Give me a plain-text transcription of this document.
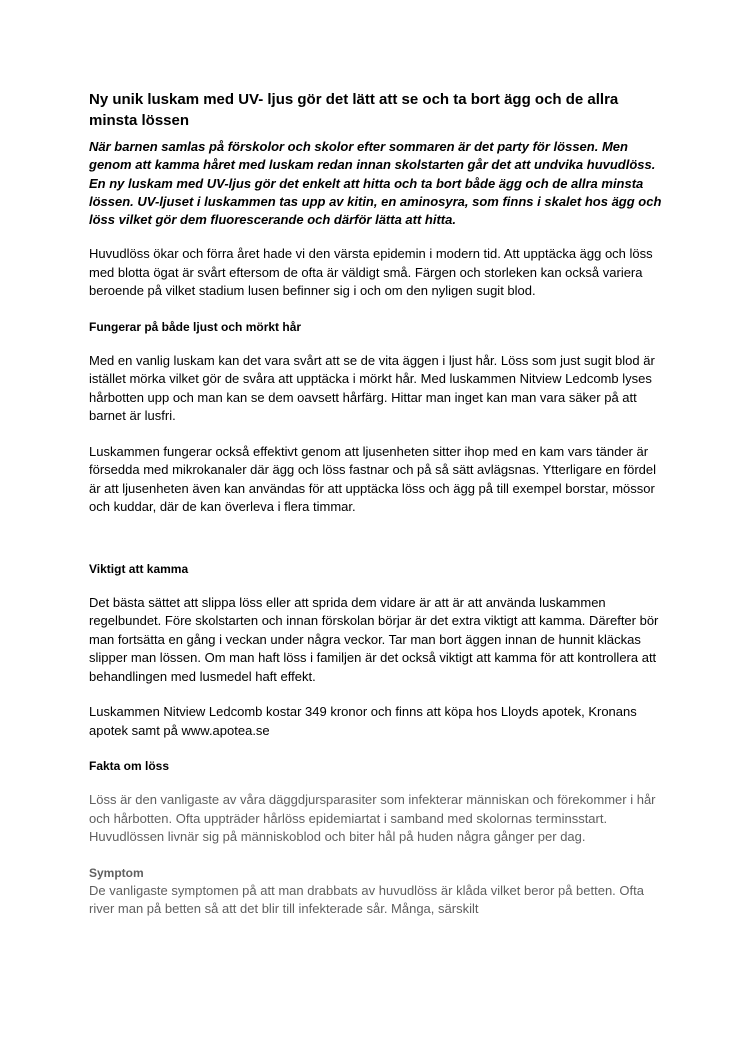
Ny unik luskam med UV- ljus gör det lätt att se och ta bort ägg och de allra minsta lössen

När barnen samlas på förskolor och skolor efter sommaren är det party för lössen. Men genom att kamma håret med luskam redan innan skolstarten går det att undvika huvudlöss. En ny luskam med UV-ljus gör det enkelt att hitta och ta bort både ägg och de allra minsta lössen. UV-ljuset i luskammen tas upp av kitin, en aminosyra, som finns i skalet hos ägg och löss vilket gör dem fluorescerande och därför lätta att hitta.

Huvudlöss ökar och förra året hade vi den värsta epidemin i modern tid. Att upptäcka ägg och löss med blotta ögat är svårt eftersom de ofta är väldigt små. Färgen och storleken kan också variera beroende på vilket stadium lusen befinner sig i och om den nyligen sugit blod.

Fungerar på både ljust och mörkt hår

Med en vanlig luskam kan det vara svårt att se de vita äggen i ljust hår. Löss som just sugit blod är istället mörka vilket gör de svåra att upptäcka i mörkt hår. Med luskammen Nitview Ledcomb lyses hårbotten upp och man kan se dem oavsett hårfärg. Hittar man inget kan man vara säker på att barnet är lusfri.

Luskammen fungerar också effektivt genom att ljusenheten sitter ihop med en kam vars tänder är försedda med mikrokanaler där ägg och löss fastnar och på så sätt avlägsnas. Ytterligare en fördel är att ljusenheten även kan användas för att upptäcka löss och ägg på till exempel borstar, mössor och kuddar, där de kan överleva i flera timmar.

Viktigt att kamma

Det bästa sättet att slippa löss eller att sprida dem vidare är att är att använda luskammen regelbundet. Före skolstarten och innan förskolan börjar är det extra viktigt att kamma. Därefter bör man fortsätta en gång i veckan under några veckor. Tar man bort äggen innan de hunnit kläckas slipper man lössen. Om man haft löss i familjen är det också viktigt att kamma för att kontrollera att behandlingen med lusmedel haft effekt.

Luskammen Nitview Ledcomb kostar 349 kronor och finns att köpa hos Lloyds apotek, Kronans apotek samt på www.apotea.se

Fakta om löss

Löss är den vanligaste av våra däggdjursparasiter som infekterar människan och förekommer i hår och hårbotten. Ofta uppträder hårlöss epidemiartat i samband med skolornas terminsstart. Huvudlössen livnär sig på människoblod och biter hål på huden några gånger per dag.

Symptom

De vanligaste symptomen på att man drabbats av huvudlöss är klåda vilket beror på betten. Ofta river man på betten så att det blir till infekterade sår. Många, särskilt
